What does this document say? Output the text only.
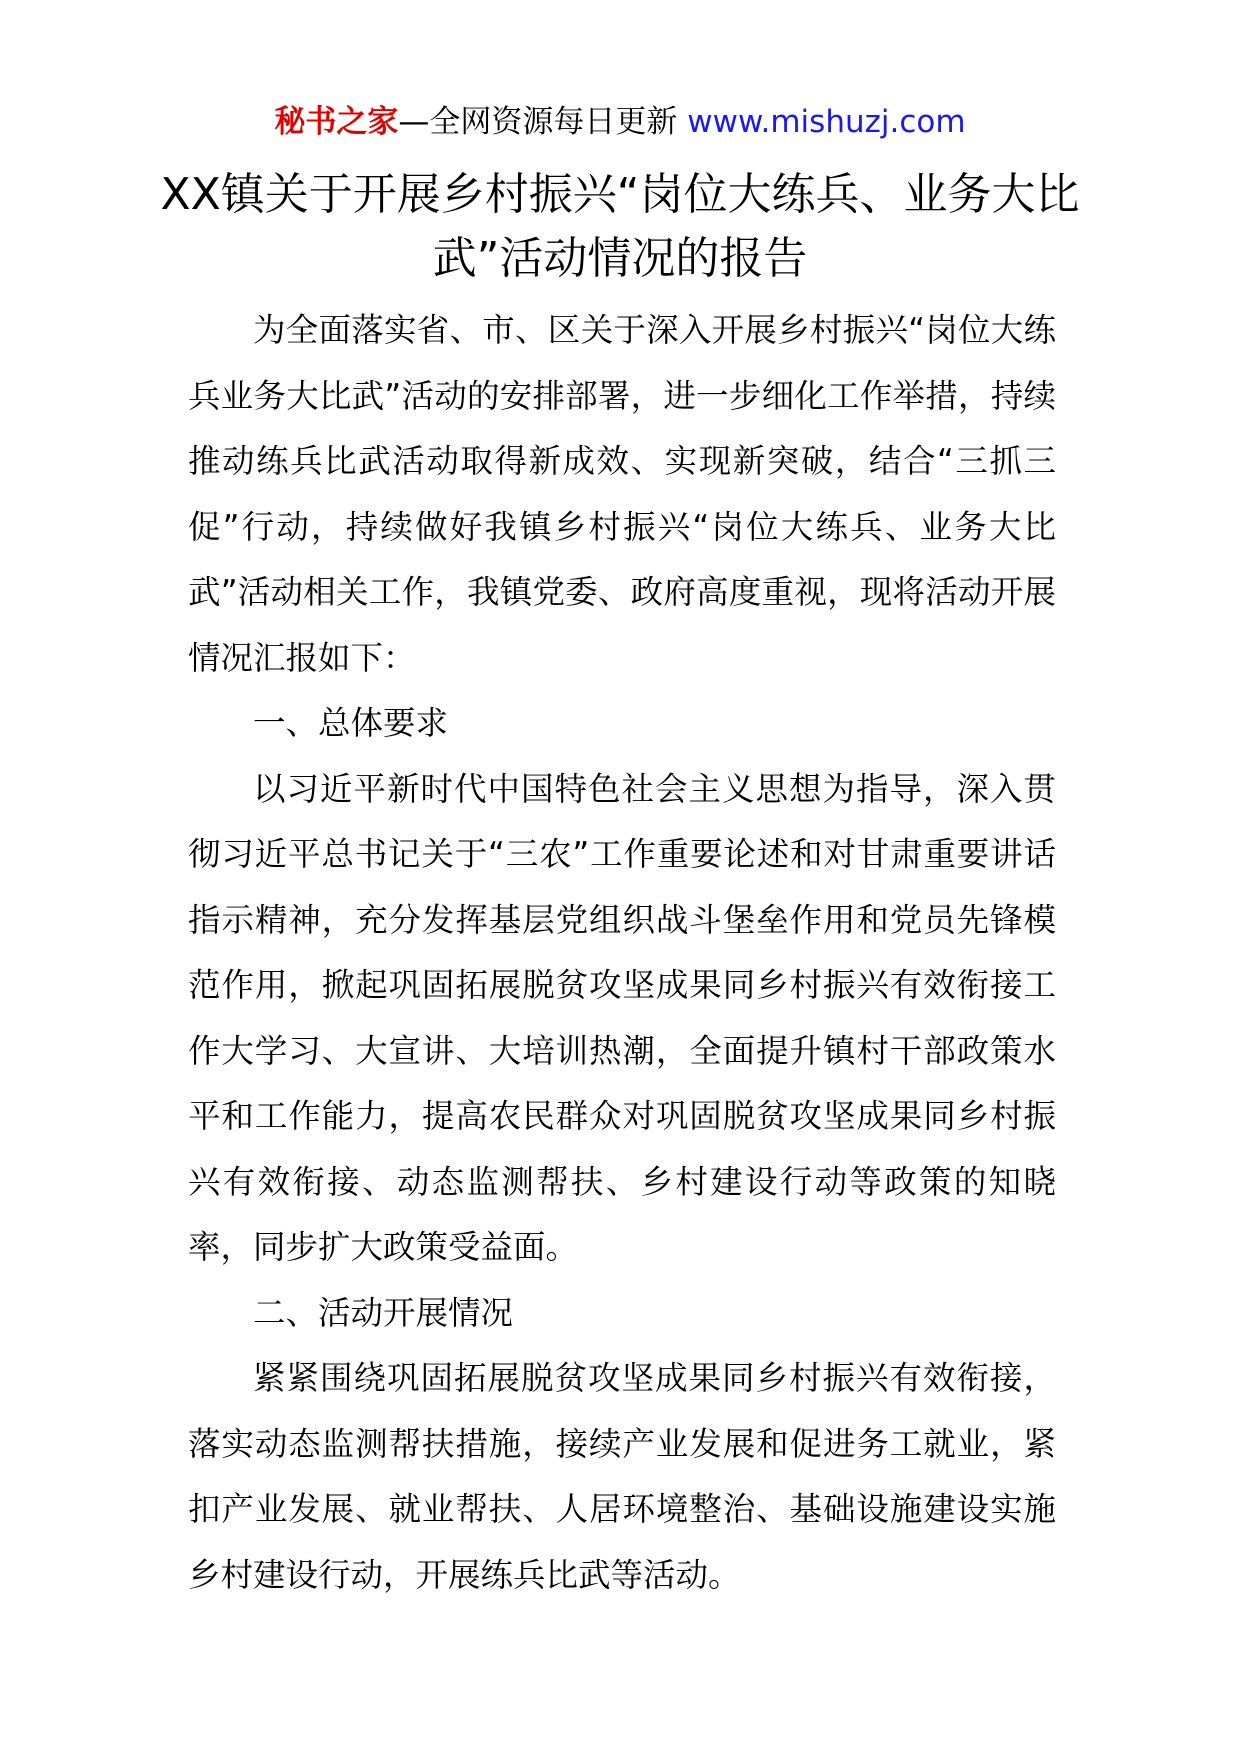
秘书之家—全网资源每日更新 www.mishuzj.com
XX镇关于开展乡村振兴“岗位大练兵、业务大比武”活动情况的报告

为全面落实省、市、区关于深入开展乡村振兴“岗位大练兵业务大比武”活动的安排部署，进一步细化工作举措，持续推动练兵比武活动取得新成效、实现新突破，结合“三抓三促”行动，持续做好我镇乡村振兴“岗位大练兵、业务大比武”活动相关工作，我镇党委、政府高度重视，现将活动开展情况汇报如下：

一、总体要求

以习近平新时代中国特色社会主义思想为指导，深入贯彻习近平总书记关于“三农”工作重要论述和对甘肃重要讲话指示精神，充分发挥基层党组织战斗堡垒作用和党员先锋模范作用，掀起巩固拓展脱贫攻坚成果同乡村振兴有效衔接工作大学习、大宣讲、大培训热潮，全面提升镇村干部政策水平和工作能力，提高农民群众对巩固脱贫攻坚成果同乡村振兴有效衔接、动态监测帮扶、乡村建设行动等政策的知晓率，同步扩大政策受益面。

二、活动开展情况

紧紧围绕巩固拓展脱贫攻坚成果同乡村振兴有效衔接，落实动态监测帮扶措施，接续产业发展和促进务工就业，紧扣产业发展、就业帮扶、人居环境整治、基础设施建设实施乡村建设行动，开展练兵比武等活动。
